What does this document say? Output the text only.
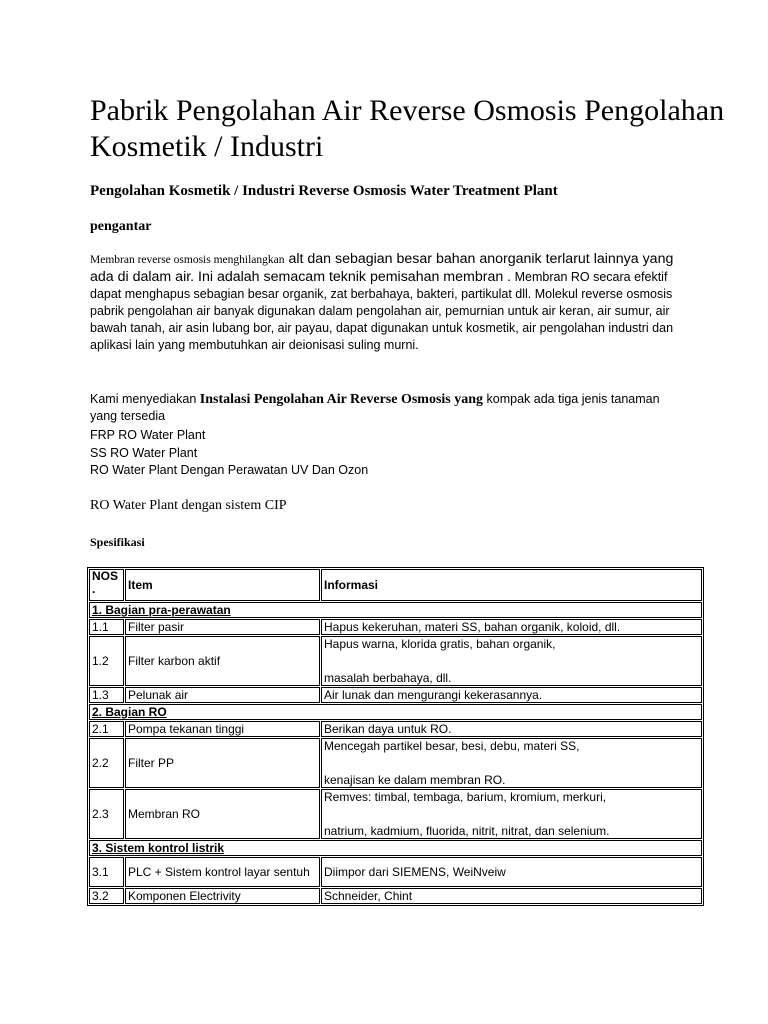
Pabrik Pengolahan Air Reverse Osmosis Pengolahan Kosmetik / Industri

Pengolahan Kosmetik / Industri Reverse Osmosis Water Treatment Plant

pengantar

Membran reverse osmosis menghilangkan alt dan sebagian besar bahan anorganik terlarut lainnya yang ada di dalam air. Ini adalah semacam teknik pemisahan membran . Membran RO secara efektif dapat menghapus sebagian besar organik, zat berbahaya, bakteri, partikulat dll. Molekul reverse osmosis pabrik pengolahan air banyak digunakan dalam pengolahan air, pemurnian untuk air keran, air sumur, air bawah tanah, air asin lubang bor, air payau, dapat digunakan untuk kosmetik, air pengolahan industri dan aplikasi lain yang membutuhkan air deionisasi suling murni.

Kami menyediakan Instalasi Pengolahan Air Reverse Osmosis yang kompak ada tiga jenis tanaman yang tersedia

FRP RO Water Plant
SS RO Water Plant
RO Water Plant Dengan Perawatan UV Dan Ozon

RO Water Plant dengan sistem CIP

Spesifikasi

NOS .	Item	Informasi
1. Bagian pra-perawatan		
1.1	Filter pasir	Hapus kekeruhan, materi SS, bahan organik, koloid, dll.
1.2	Filter karbon aktif	Hapus warna, klorida gratis, bahan organik,
masalah berbahaya, dll.

1.3	Pelunak air	Air lunak dan mengurangi kekerasannya.
2. Bagian RO		
2.1	Pompa tekanan tinggi	Berikan daya untuk RO.
2.2	Filter PP	Mencegah partikel besar, besi, debu, materi SS,
kenajisan ke dalam membran RO.

2.3	Membran RO	Remves: timbal, tembaga, barium, kromium, merkuri,
natrium, kadmium, fluorida, nitrit, nitrat, dan selenium.

3. Sistem kontrol listrik		
3.1	PLC + Sistem kontrol layar sentuh	Diimpor dari SIEMENS, WeiNveiw
3.2	Komponen Electrivity	Schneider, Chint
